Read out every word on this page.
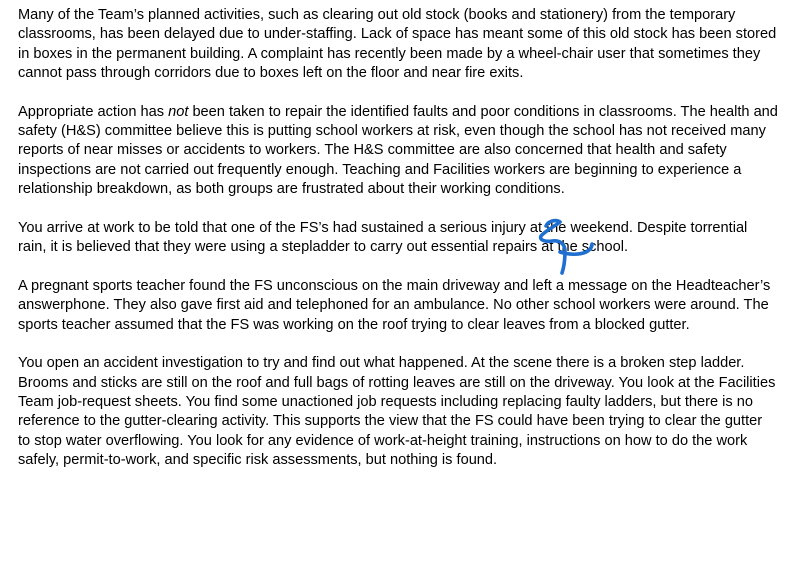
Many of the Team’s planned activities, such as clearing out old stock (books and stationery) from the temporary classrooms, has been delayed due to under-staffing. Lack of space has meant some of this old stock has been stored in boxes in the permanent building. A complaint has recently been made by a wheel-chair user that sometimes they cannot pass through corridors due to boxes left on the floor and near fire exits.

Appropriate action has not been taken to repair the identified faults and poor conditions in classrooms. The health and safety (H&S) committee believe this is putting school workers at risk, even though the school has not received many reports of near misses or accidents to workers. The H&S committee are also concerned that health and safety inspections are not carried out frequently enough. Teaching and Facilities workers are beginning to experience a relationship breakdown, as both groups are frustrated about their working conditions.

You arrive at work to be told that one of the FS’s had sustained a serious injury at the weekend. Despite torrential rain, it is believed that they were using a stepladder to carry out essential repairs at the school.

A pregnant sports teacher found the FS unconscious on the main driveway and left a message on the Headteacher’s answerphone. They also gave first aid and telephoned for an ambulance. No other school workers were around. The sports teacher assumed that the FS was working on the roof trying to clear leaves from a blocked gutter.

You open an accident investigation to try and find out what happened. At the scene there is a broken step ladder. Brooms and sticks are still on the roof and full bags of rotting leaves are still on the driveway. You look at the Facilities Team job-request sheets. You find some unactioned job requests including replacing faulty ladders, but there is no reference to the gutter-clearing activity. This supports the view that the FS could have been trying to clear the gutter to stop water overflowing. You look for any evidence of work-at-height training, instructions on how to do the work safely, permit-to-work, and specific risk assessments, but nothing is found.
